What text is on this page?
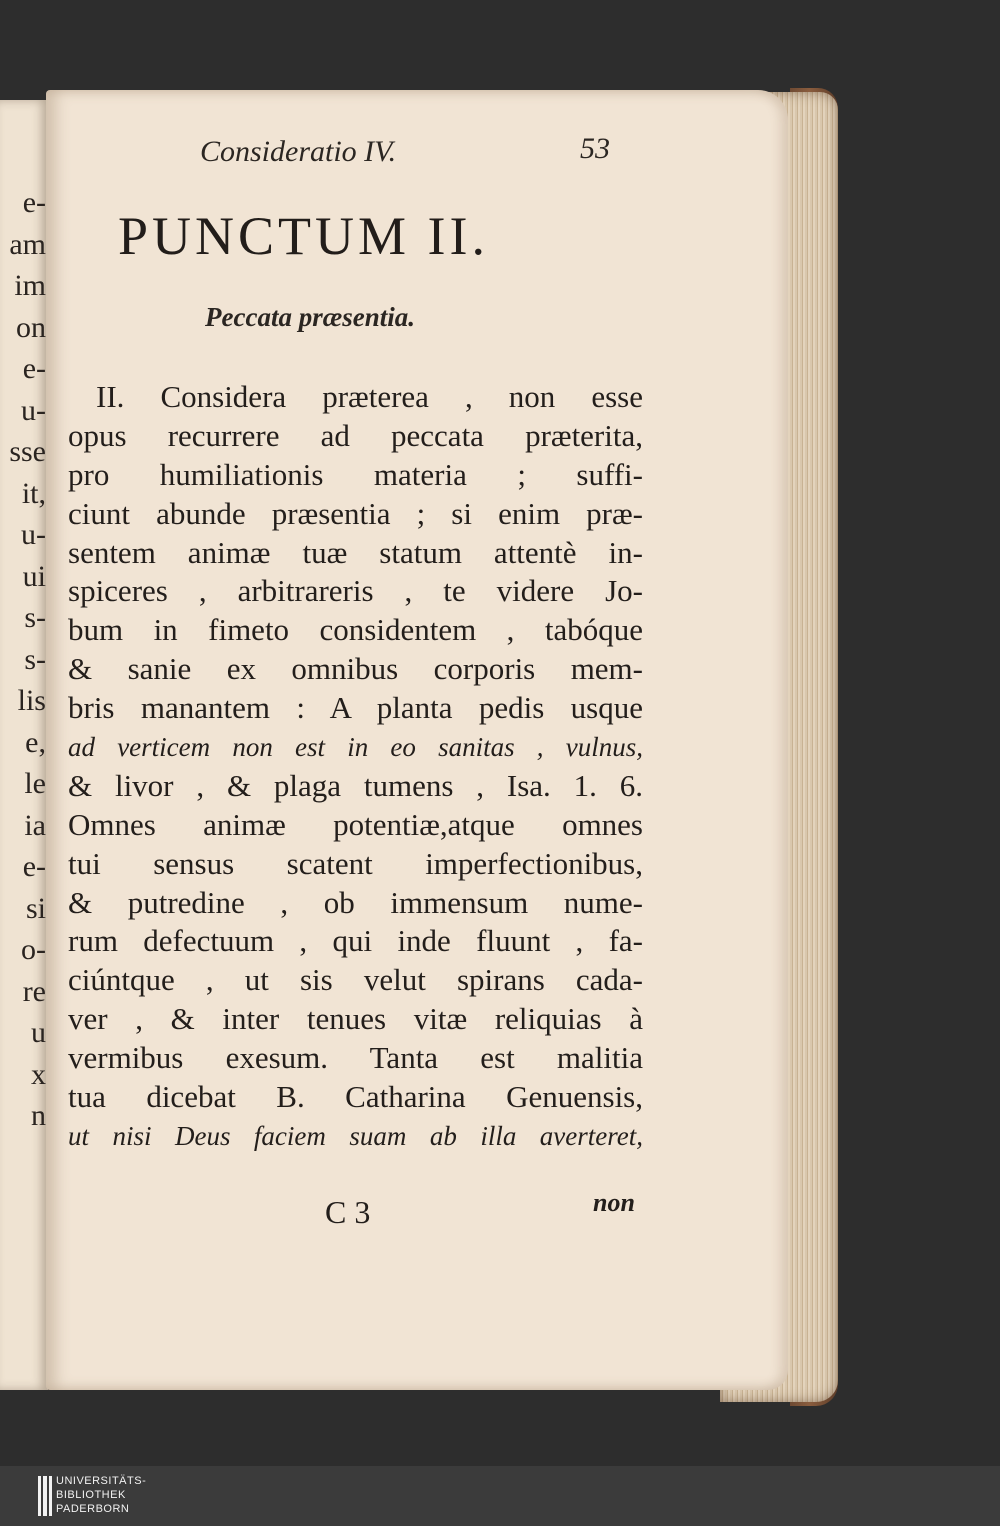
e-
am
im
on
e-
u-
sse
it,
u-
ui
s-
s-
lis
e,
le
ia
e-
si
o-
re
u
x
n
Consideratio IV.	53
PUNCTUM II.
Peccata præsentia.
II. Considera præterea , non esse
opus recurrere ad peccata præterita,
pro humiliationis materia ; suffi-
ciunt abunde præsentia ; si enim præ-
sentem animæ tuæ statum attentè in-
spiceres , arbitrareris , te videre Jo-
bum in fimeto considentem , tabóque
& sanie ex omnibus corporis mem-
bris manantem : A planta pedis usque
ad verticem non est in eo sanitas , vulnus,
& livor , & plaga tumens , Isa. 1. 6.
Omnes animæ potentiæ,atque omnes
tui sensus scatent imperfectionibus,
& putredine , ob immensum nume-
rum defectuum , qui inde fluunt , fa-
ciúntque , ut sis velut spirans cada-
ver , & inter tenues vitæ reliquias à
vermibus exesum. Tanta est malitia
tua dicebat B. Catharina Genuensis,
ut nisi Deus faciem suam ab illa averteret,
C 3	non
UNIVERSITÄTS-
BIBLIOTHEK
PADERBORN
